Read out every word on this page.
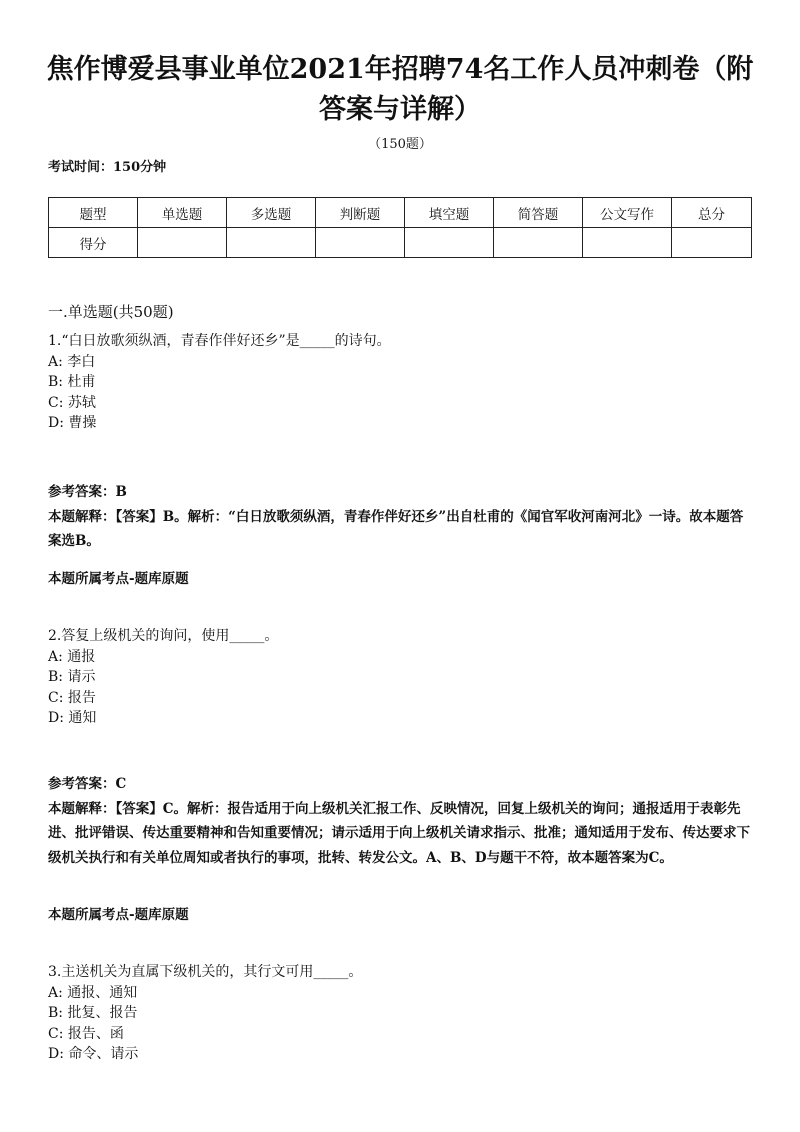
焦作博爱县事业单位2021年招聘74名工作人员冲刺卷（附答案与详解）
（150题）
考试时间：150分钟
题型	单选题	多选题	判断题	填空题	简答题	公文写作	总分
得分							
一.单选题(共50题)
1.“白日放歌须纵酒，青春作伴好还乡”是_____的诗句。
A: 李白
B: 杜甫
C: 苏轼
D: 曹操
参考答案：B
本题解释：【答案】B。解析：“白日放歌须纵酒，青春作伴好还乡”出自杜甫的《闻官军收河南河北》一诗。故本题答案选B。
本题所属考点-题库原题
2.答复上级机关的询问，使用_____。
A: 通报
B: 请示
C: 报告
D: 通知
参考答案：C
本题解释：【答案】C。解析：报告适用于向上级机关汇报工作、反映情况，回复上级机关的询问；通报适用于表彰先进、批评错误、传达重要精神和告知重要情况；请示适用于向上级机关请求指示、批准；通知适用于发布、传达要求下级机关执行和有关单位周知或者执行的事项，批转、转发公文。A、B、D与题干不符，故本题答案为C。
本题所属考点-题库原题
3.主送机关为直属下级机关的，其行文可用_____。
A: 通报、通知
B: 批复、报告
C: 报告、函
D: 命令、请示
